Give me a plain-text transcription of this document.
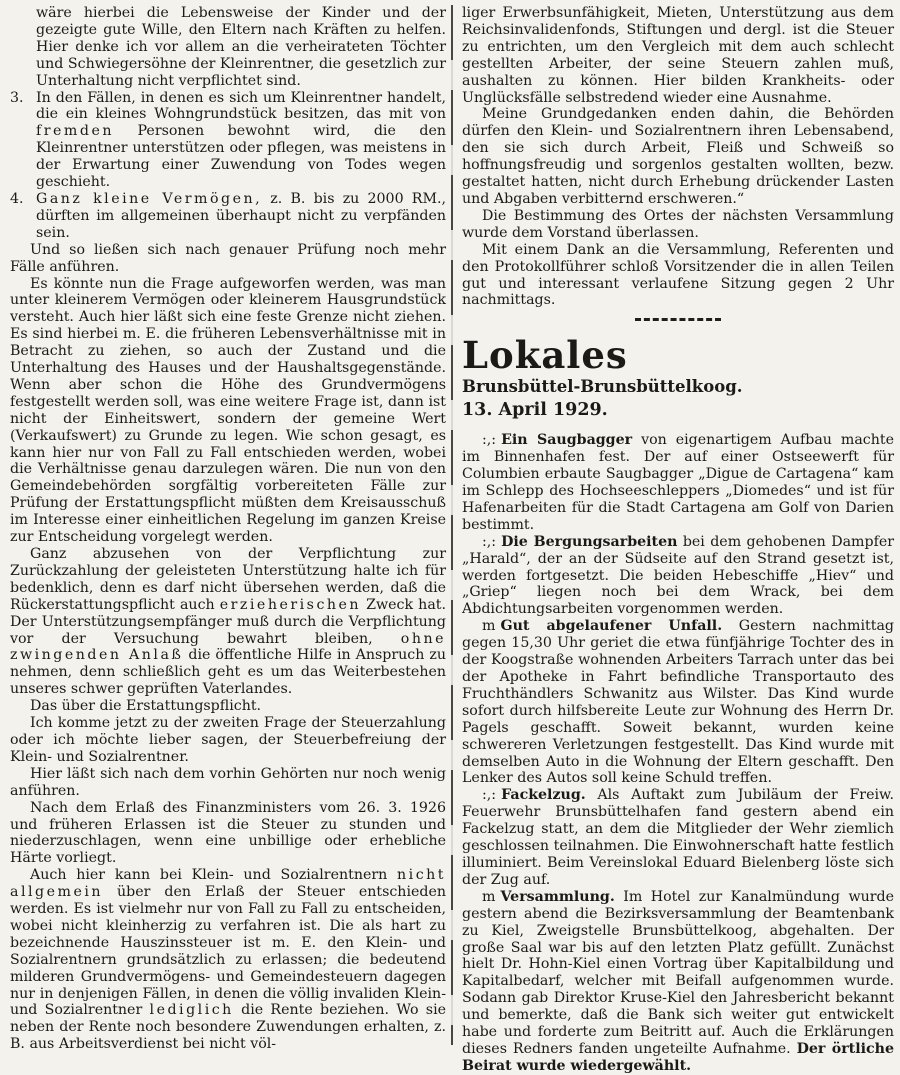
wäre hierbei die Lebensweise der Kinder und der gezeigte gute Wille, den Eltern nach Kräften zu helfen. Hier denke ich vor allem an die verheirateten Töchter und Schwiegersöhne der Kleinrentner, die gesetzlich zur Unterhaltung nicht verpflichtet sind.

3. In den Fällen, in denen es sich um Kleinrentner handelt, die ein kleines Wohngrundstück besitzen, das mit von fremden Personen bewohnt wird, die den Kleinrentner unterstützen oder pflegen, was meistens in der Erwartung einer Zuwendung von Todes wegen geschieht.

4. Ganz kleine Vermögen, z. B. bis zu 2000 RM., dürften im allgemeinen überhaupt nicht zu verpfänden sein.

Und so ließen sich nach genauer Prüfung noch mehr Fälle anführen.

Es könnte nun die Frage aufgeworfen werden, was man unter kleinerem Vermögen oder kleinerem Hausgrundstück versteht. Auch hier läßt sich eine feste Grenze nicht ziehen. Es sind hierbei m. E. die früheren Lebensverhältnisse mit in Betracht zu ziehen, so auch der Zustand und die Unterhaltung des Hauses und der Haushaltsgegenstände. Wenn aber schon die Höhe des Grundvermögens festgestellt werden soll, was eine weitere Frage ist, dann ist nicht der Einheitswert, sondern der gemeine Wert (Verkaufswert) zu Grunde zu legen. Wie schon gesagt, es kann hier nur von Fall zu Fall entschieden werden, wobei die Verhältnisse genau darzulegen wären. Die nun von den Gemeindebehörden sorgfältig vorbereiteten Fälle zur Prüfung der Erstattungspflicht müßten dem Kreisausschuß im Interesse einer einheitlichen Regelung im ganzen Kreise zur Entscheidung vorgelegt werden.

Ganz abzusehen von der Verpflichtung zur Zurückzahlung der geleisteten Unterstützung halte ich für bedenklich, denn es darf nicht übersehen werden, daß die Rückerstattungspflicht auch erzieherischen Zweck hat. Der Unterstützungsempfänger muß durch die Verpflichtung vor der Versuchung bewahrt bleiben, ohne zwingenden Anlaß die öffentliche Hilfe in Anspruch zu nehmen, denn schließlich geht es um das Weiterbestehen unseres schwer geprüften Vaterlandes.

Das über die Erstattungspflicht.

Ich komme jetzt zu der zweiten Frage der Steuerzahlung oder ich möchte lieber sagen, der Steuerbefreiung der Klein- und Sozialrentner.

Hier läßt sich nach dem vorhin Gehörten nur noch wenig anführen.

Nach dem Erlaß des Finanzministers vom 26. 3. 1926 und früheren Erlassen ist die Steuer zu stunden und niederzuschlagen, wenn eine unbillige oder erhebliche Härte vorliegt.

Auch hier kann bei Klein- und Sozialrentnern nicht allgemein über den Erlaß der Steuer entschieden werden. Es ist vielmehr nur von Fall zu Fall zu entscheiden, wobei nicht kleinherzig zu verfahren ist. Die als hart zu bezeichnende Hauszinssteuer ist m. E. den Klein- und Sozialrentnern grundsätzlich zu erlassen; die bedeutend milderen Grundvermögens- und Gemeindesteuern dagegen nur in denjenigen Fällen, in denen die völlig invaliden Klein- und Sozialrentner lediglich die Rente beziehen. Wo sie neben der Rente noch besondere Zuwendungen erhalten, z. B. aus Arbeitsverdienst bei nicht völ-

liger Erwerbsunfähigkeit, Mieten, Unterstützung aus dem Reichsinvalidenfonds, Stiftungen und dergl. ist die Steuer zu entrichten, um den Vergleich mit dem auch schlecht gestellten Arbeiter, der seine Steuern zahlen muß, aushalten zu können. Hier bilden Krankheits- oder Unglücksfälle selbstredend wieder eine Ausnahme.

Meine Grundgedanken enden dahin, die Behörden dürfen den Klein- und Sozialrentnern ihren Lebensabend, den sie sich durch Arbeit, Fleiß und Schweiß so hoffnungsfreudig und sorgenlos gestalten wollten, bezw. gestaltet hatten, nicht durch Erhebung drückender Lasten und Abgaben verbitternd erschweren.“

Die Bestimmung des Ortes der nächsten Versammlung wurde dem Vorstand überlassen.

Mit einem Dank an die Versammlung, Referenten und den Protokollführer schloß Vorsitzender die in allen Teilen gut und interessant verlaufene Sitzung gegen 2 Uhr nachmittags.

Lokales

Brunsbüttel-Brunsbüttelkoog.

13. April 1929.

:,: Ein Saugbagger von eigenartigem Aufbau machte im Binnenhafen fest. Der auf einer Ostseewerft für Columbien erbaute Saugbagger „Digue de Cartagena“ kam im Schlepp des Hochseeschleppers „Diomedes“ und ist für Hafenarbeiten für die Stadt Cartagena am Golf von Darien bestimmt.

:,: Die Bergungsarbeiten bei dem gehobenen Dampfer „Harald“, der an der Südseite auf den Strand gesetzt ist, werden fortgesetzt. Die beiden Hebeschiffe „Hiev“ und „Griep“ liegen noch bei dem Wrack, bei dem Abdichtungsarbeiten vorgenommen werden.

m Gut abgelaufener Unfall. Gestern nachmittag gegen 15,30 Uhr geriet die etwa fünfjährige Tochter des in der Koogstraße wohnenden Arbeiters Tarrach unter das bei der Apotheke in Fahrt befindliche Transportauto des Fruchthändlers Schwanitz aus Wilster. Das Kind wurde sofort durch hilfsbereite Leute zur Wohnung des Herrn Dr. Pagels geschafft. Soweit bekannt, wurden keine schwereren Verletzungen festgestellt. Das Kind wurde mit demselben Auto in die Wohnung der Eltern geschafft. Den Lenker des Autos soll keine Schuld treffen.

:,: Fackelzug. Als Auftakt zum Jubiläum der Freiw. Feuerwehr Brunsbüttelhafen fand gestern abend ein Fackelzug statt, an dem die Mitglieder der Wehr ziemlich geschlossen teilnahmen. Die Einwohnerschaft hatte festlich illuminiert. Beim Vereinslokal Eduard Bielenberg löste sich der Zug auf.

m Versammlung. Im Hotel zur Kanalmündung wurde gestern abend die Bezirksversammlung der Beamtenbank zu Kiel, Zweigstelle Brunsbüttelkoog, abgehalten. Der große Saal war bis auf den letzten Platz gefüllt. Zunächst hielt Dr. Hohn-Kiel einen Vortrag über Kapitalbildung und Kapitalbedarf, welcher mit Beifall aufgenommen wurde. Sodann gab Direktor Kruse-Kiel den Jahresbericht bekannt und bemerkte, daß die Bank sich weiter gut entwickelt habe und forderte zum Beitritt auf. Auch die Erklärungen dieses Redners fanden ungeteilte Aufnahme. Der örtliche Beirat wurde wiedergewählt.
